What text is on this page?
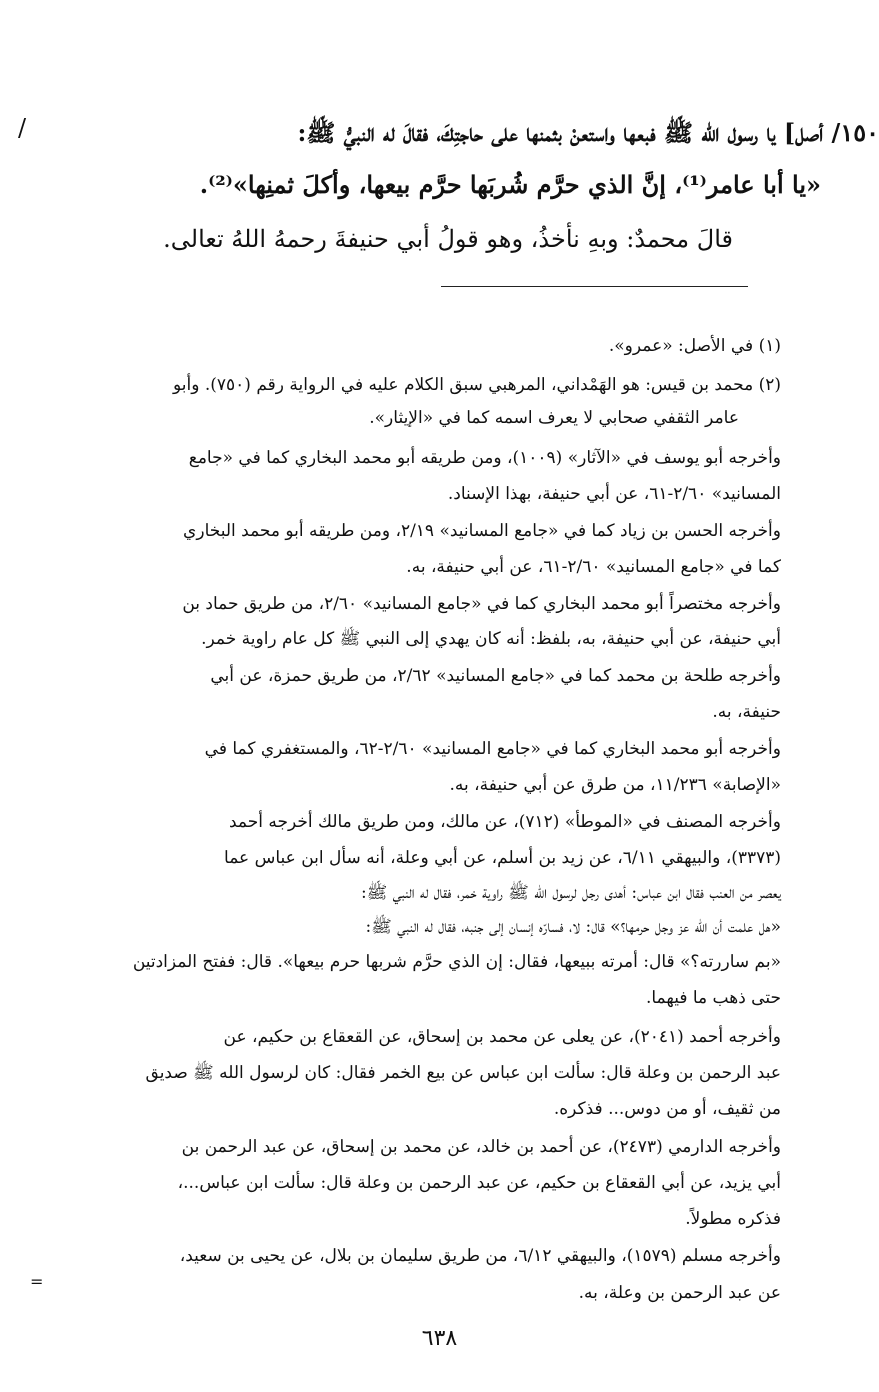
١٥٠/ أصل] يا رسول الله ﷺ فبعها واستعنْ بثمنها على حاجتِكَ، فقالَ له النبيُّ ﷺ:
/
«يا أبا عامر⁽¹⁾، إنَّ الذي حرَّم شُربَها حرَّم بيعها، وأكلَ ثمنِها»⁽²⁾.
قالَ محمدٌ: وبهِ نأخذُ، وهو قولُ أبي حنيفةَ رحمهُ اللهُ تعالى.
(١) في الأصل: «عمرو».
(٢) محمد بن قيس: هو الهَمْداني، المرهبي سبق الكلام عليه في الرواية رقم (٧٥٠). وأبو
عامر الثقفي صحابي لا يعرف اسمه كما في «الإيثار».
وأخرجه أبو يوسف في «الآثار» (١٠٠٩)، ومن طريقه أبو محمد البخاري كما في «جامع
المسانيد» ٢/٦٠-٦١، عن أبي حنيفة، بهذا الإسناد.
وأخرجه الحسن بن زياد كما في «جامع المسانيد» ٢/١٩، ومن طريقه أبو محمد البخاري
كما في «جامع المسانيد» ٢/٦٠-٦١، عن أبي حنيفة، به.
وأخرجه مختصراً أبو محمد البخاري كما في «جامع المسانيد» ٢/٦٠، من طريق حماد بن
أبي حنيفة، عن أبي حنيفة، به، بلفظ: أنه كان يهدي إلى النبي ﷺ كل عام راوية خمر.
وأخرجه طلحة بن محمد كما في «جامع المسانيد» ٢/٦٢، من طريق حمزة، عن أبي
حنيفة، به.
وأخرجه أبو محمد البخاري كما في «جامع المسانيد» ٢/٦٠-٦٢، والمستغفري كما في
«الإصابة» ١١/٢٣٦، من طرق عن أبي حنيفة، به.
وأخرجه المصنف في «الموطأ» (٧١٢)، عن مالك، ومن طريق مالك أخرجه أحمد
(٣٣٧٣)، والبيهقي ٦/١١، عن زيد بن أسلم، عن أبي وعلة، أنه سأل ابن عباس عما
يعصر من العنب فقال ابن عباس: أهدى رجل لرسول الله ﷺ راوية خمر، فقال له النبي ﷺ:
«هل علمت أن الله عز وجل حرمها؟» قال: لا، فسارّه إنسان إلى جنبه، فقال له النبي ﷺ:
«بم ساررته؟» قال: أمرته ببيعها، فقال: إن الذي حرَّم شربها حرم بيعها». قال: ففتح المزادتين
حتى ذهب ما فيهما.
وأخرجه أحمد (٢٠٤١)، عن يعلى عن محمد بن إسحاق، عن القعقاع بن حكيم، عن
عبد الرحمن بن وعلة قال: سألت ابن عباس عن بيع الخمر فقال: كان لرسول الله ﷺ صديق
من ثقيف، أو من دوس... فذكره.
وأخرجه الدارمي (٢٤٧٣)، عن أحمد بن خالد، عن محمد بن إسحاق، عن عبد الرحمن بن
أبي يزيد، عن أبي القعقاع بن حكيم، عن عبد الرحمن بن وعلة قال: سألت ابن عباس...،
فذكره مطولاً.
وأخرجه مسلم (١٥٧٩)، والبيهقي ٦/١٢، من طريق سليمان بن بلال، عن يحيى بن سعيد،
عن عبد الرحمن بن وعلة، به.
=
٦٣٨
